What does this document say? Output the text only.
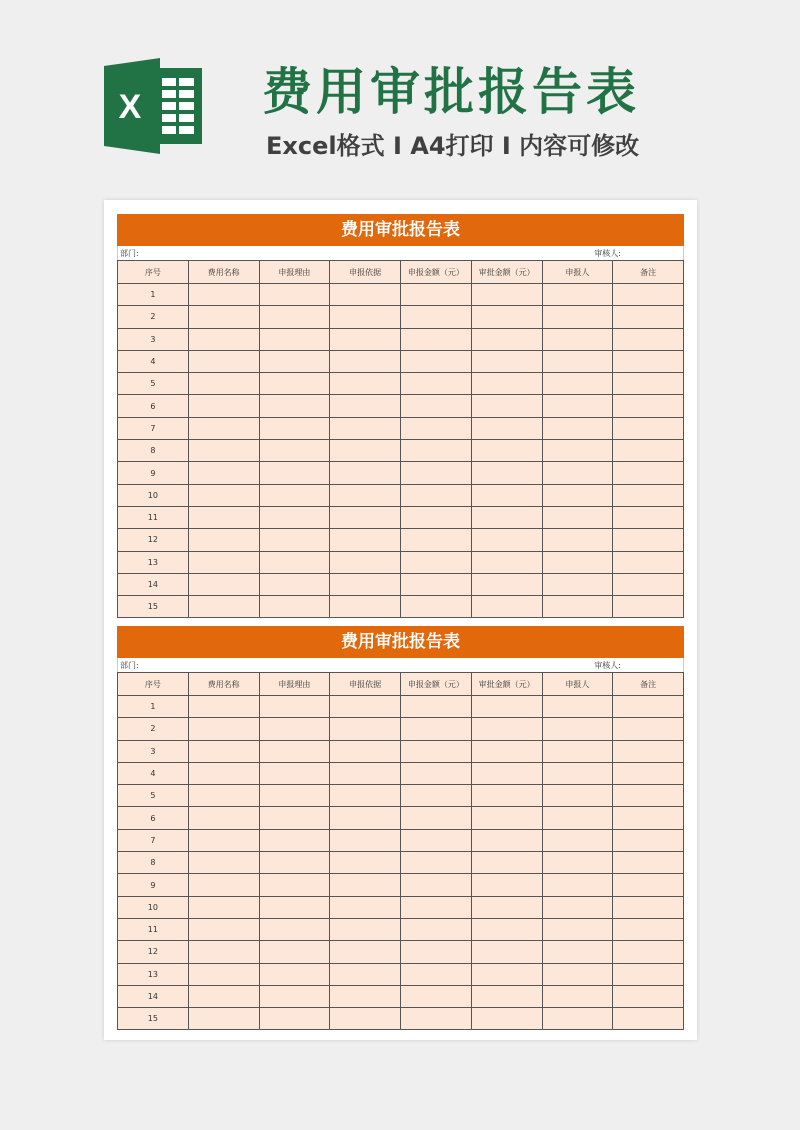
X 费用审批报告表
Excel格式 I A4打印 I 内容可修改
费用审批报告表
部门:	审核人:
序号	费用名称	申报理由	申报依据	申报金额（元）	审批金额（元）	申报人	备注
1							
2							
3							
4							
5							
6							
7							
8							
9							
10							
11							
12							
13							
14							
15							
费用审批报告表
部门:	审核人:
序号	费用名称	申报理由	申报依据	申报金额（元）	审批金额（元）	申报人	备注
1							
2							
3							
4							
5							
6							
7							
8							
9							
10							
11							
12							
13							
14							
15							
